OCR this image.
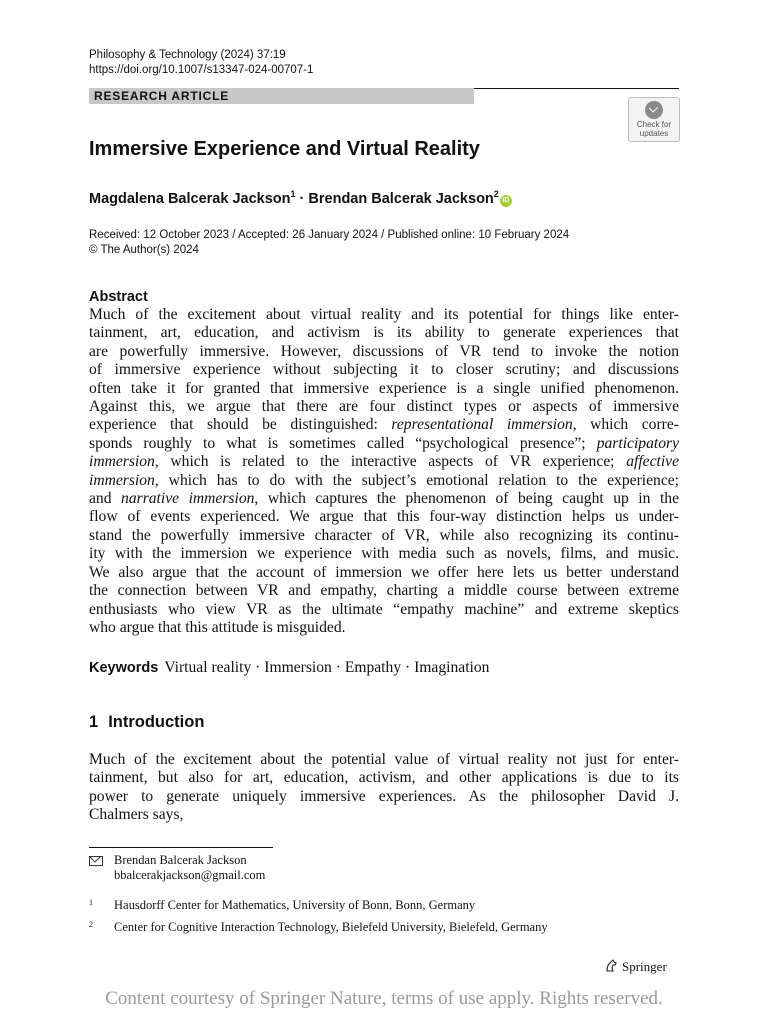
Philosophy & Technology (2024) 37:19
https://doi.org/10.1007/s13347-024-00707-1
RESEARCH ARTICLE
Check for updates
Immersive Experience and Virtual Reality
Magdalena Balcerak Jackson$^1$ · Brendan Balcerak Jackson$^2$iD
Received: 12 October 2023 / Accepted: 26 January 2024 / Published online: 10 February 2024
© The Author(s) 2024
Abstract
Much of the excitement about virtual reality and its potential for things like enter-
tainment, art, education, and activism is its ability to generate experiences that
are powerfully immersive. However, discussions of VR tend to invoke the notion
of immersive experience without subjecting it to closer scrutiny; and discussions
often take it for granted that immersive experience is a single unified phenomenon.
Against this, we argue that there are four distinct types or aspects of immersive
experience that should be distinguished: representational immersion, which corre-
sponds roughly to what is sometimes called “psychological presence”; participatory
immersion, which is related to the interactive aspects of VR experience; affective
immersion, which has to do with the subject’s emotional relation to the experience;
and narrative immersion, which captures the phenomenon of being caught up in the
flow of events experienced. We argue that this four-way distinction helps us under-
stand the powerfully immersive character of VR, while also recognizing its continu-
ity with the immersion we experience with media such as novels, films, and music.
We also argue that the account of immersion we offer here lets us better understand
the connection between VR and empathy, charting a middle course between extreme
enthusiasts who view VR as the ultimate “empathy machine” and extreme skeptics
who argue that this attitude is misguided.
Keywords Virtual reality · Immersion · Empathy · Imagination
1 Introduction
Much of the excitement about the potential value of virtual reality not just for enter-
tainment, but also for art, education, activism, and other applications is due to its
power to generate uniquely immersive experiences. As the philosopher David J.
Chalmers says,
Brendan Balcerak Jackson
bbalcerakjackson@gmail.com
1 Hausdorff Center for Mathematics, University of Bonn, Bonn, Germany
2 Center for Cognitive Interaction Technology, Bielefeld University, Bielefeld, Germany
Springer
Content courtesy of Springer Nature, terms of use apply. Rights reserved.
